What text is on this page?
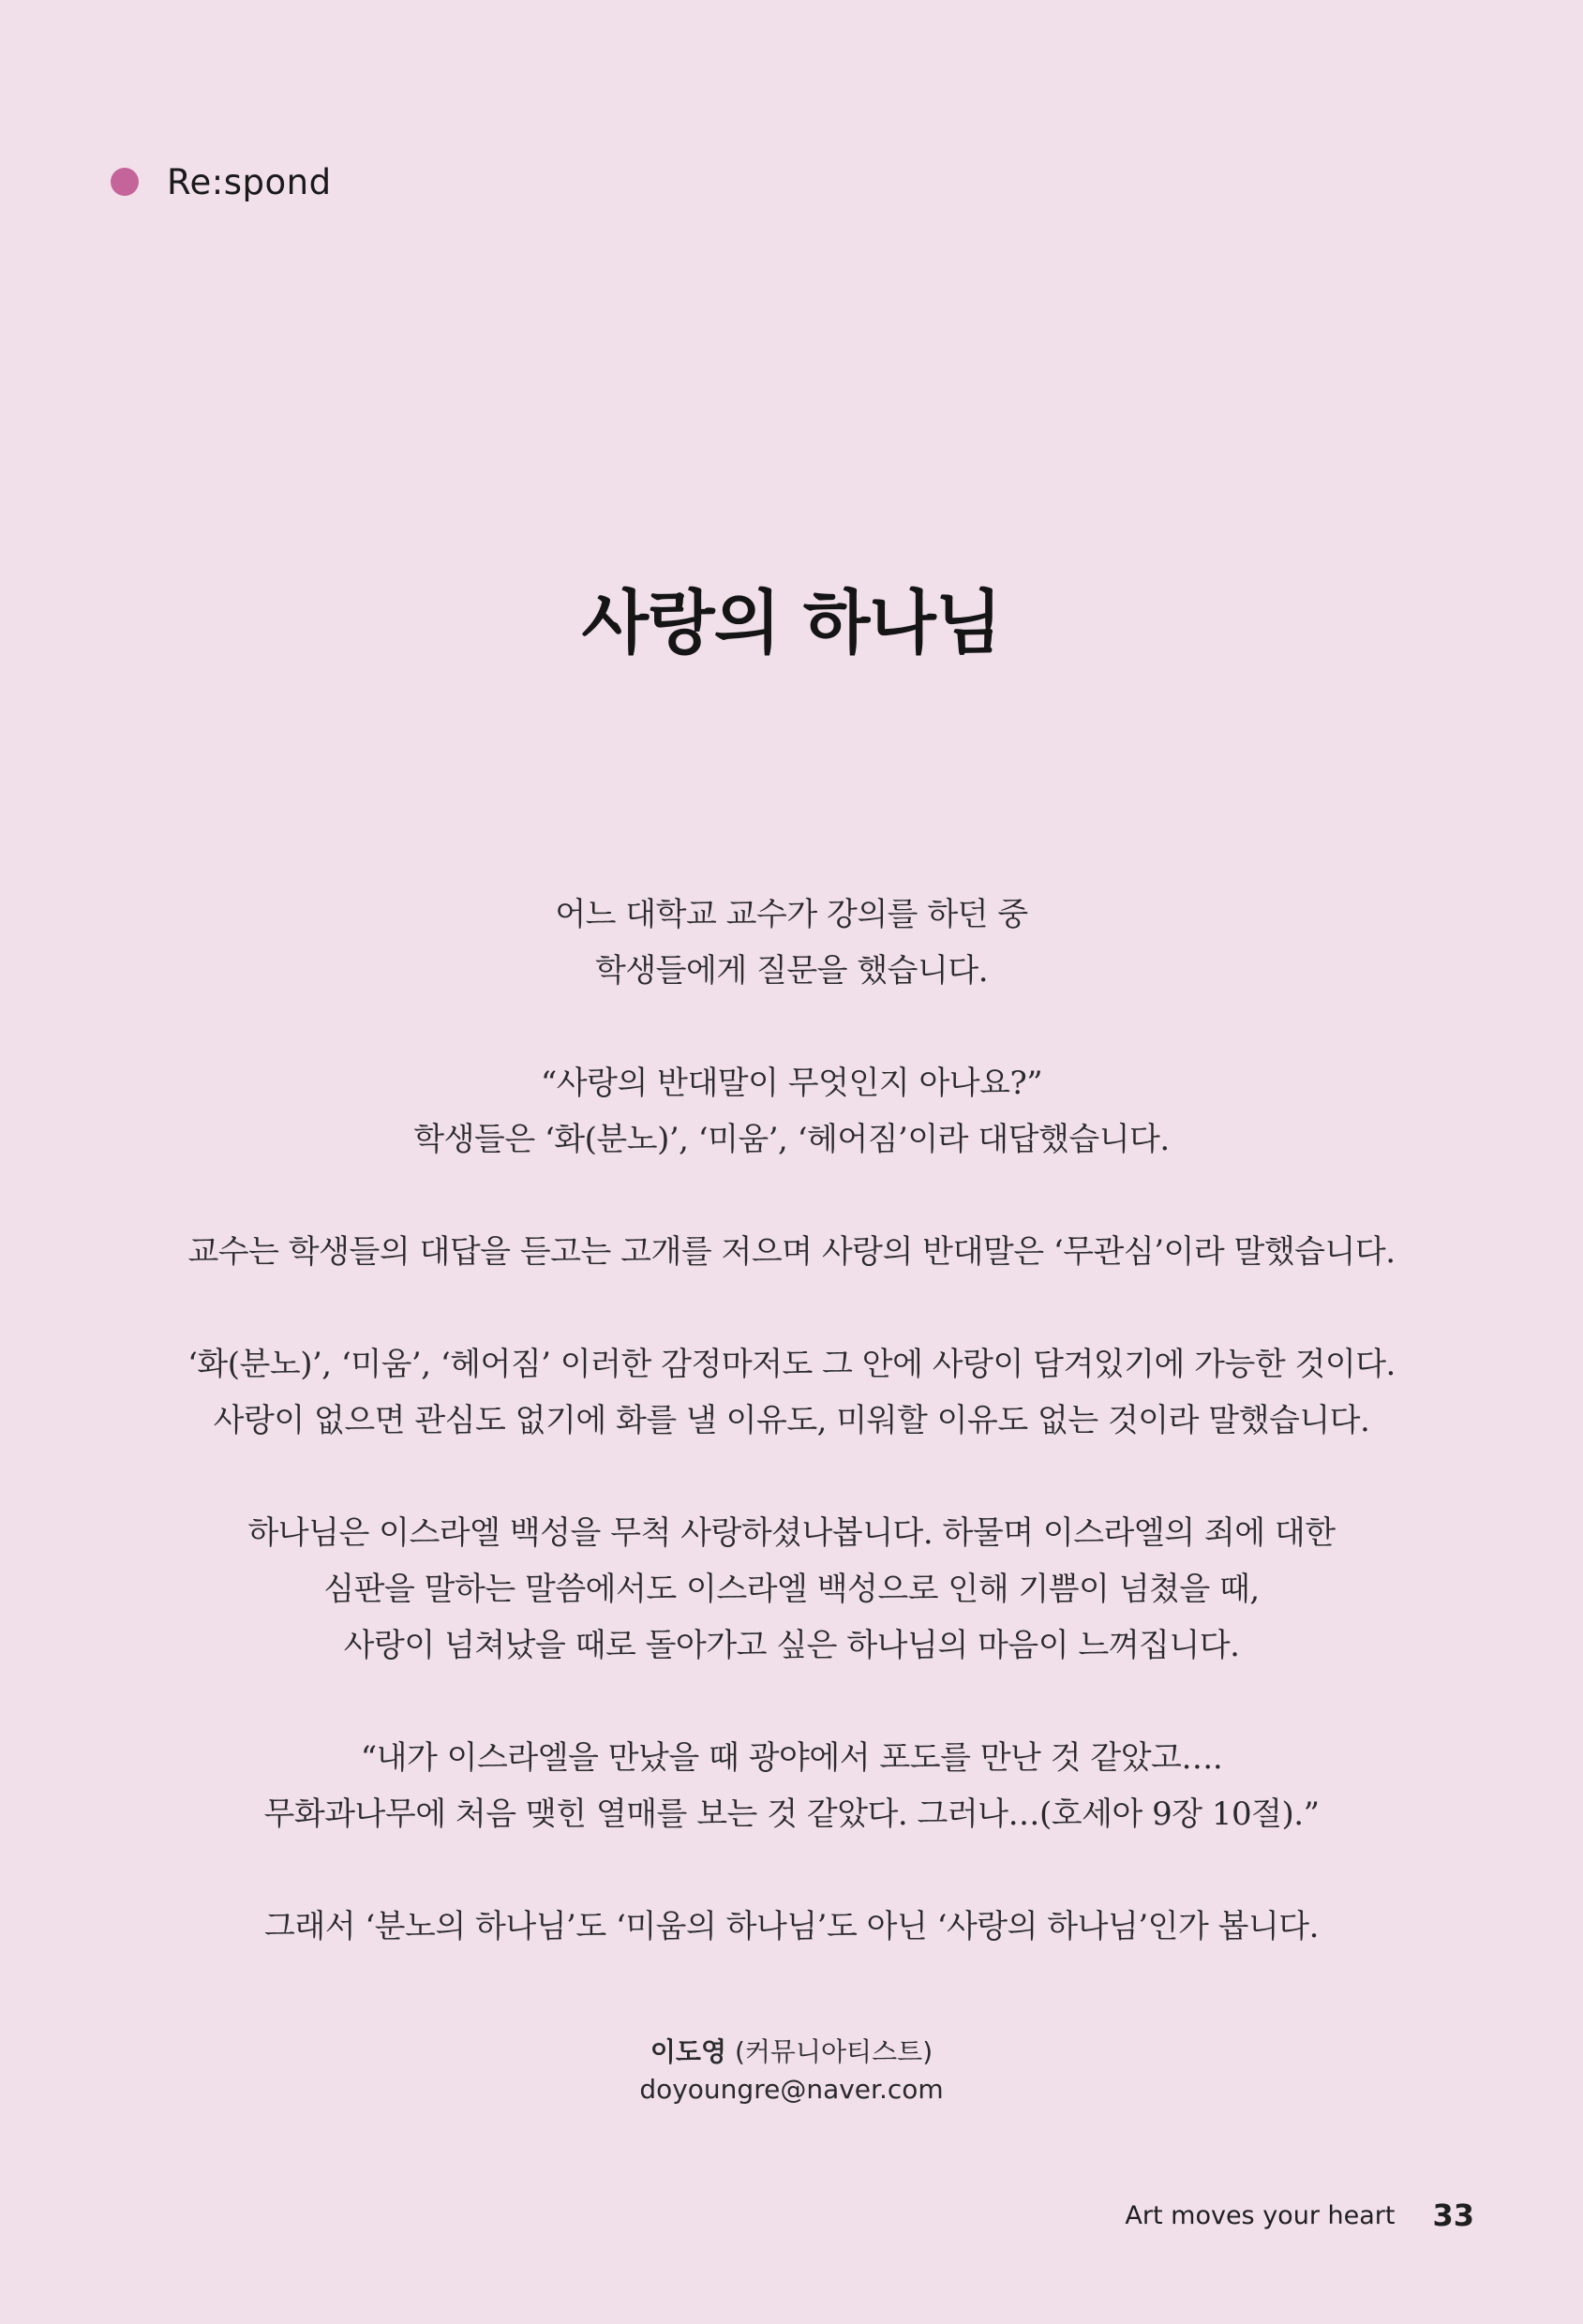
Re:spond
사랑의 하나님

어느 대학교 교수가 강의를 하던 중

학생들에게 질문을 했습니다.

“사랑의 반대말이 무엇인지 아나요?”

학생들은 ‘화(분노)’, ‘미움’, ‘헤어짐’이라 대답했습니다.

교수는 학생들의 대답을 듣고는 고개를 저으며 사랑의 반대말은 ‘무관심’이라 말했습니다.

‘화(분노)’, ‘미움’, ‘헤어짐’ 이러한 감정마저도 그 안에 사랑이 담겨있기에 가능한 것이다.

사랑이 없으면 관심도 없기에 화를 낼 이유도, 미워할 이유도 없는 것이라 말했습니다.

하나님은 이스라엘 백성을 무척 사랑하셨나봅니다. 하물며 이스라엘의 죄에 대한

심판을 말하는 말씀에서도 이스라엘 백성으로 인해 기쁨이 넘쳤을 때,

사랑이 넘쳐났을 때로 돌아가고 싶은 하나님의 마음이 느껴집니다.

“내가 이스라엘을 만났을 때 광야에서 포도를 만난 것 같았고….

무화과나무에 처음 맺힌 열매를 보는 것 같았다. 그러나…(호세아 9장 10절).”

그래서 ‘분노의 하나님’도 ‘미움의 하나님’도 아닌 ‘사랑의 하나님’인가 봅니다.

이도영 (커뮤니아티스트)
doyoungre@naver.com
Art moves your heart 33
